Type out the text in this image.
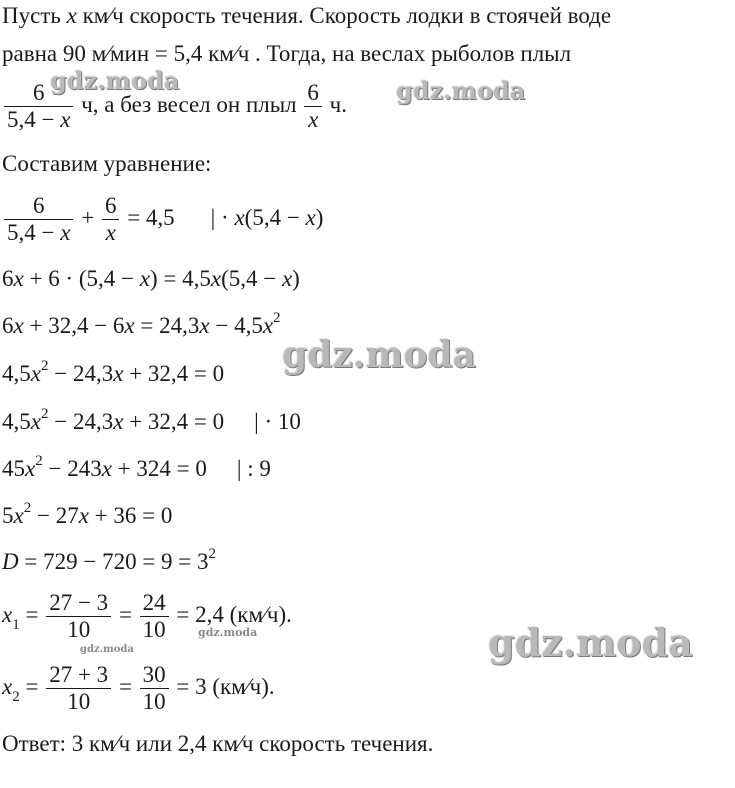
Пусть x км⁄ч скорость течения. Скорость лодки в стоячей воде
равна 90 м⁄мин = 5,4 км⁄ч . Тогда, на веслах рыболов плыл
$\frac{6}{5,4 - x} ч$, а без весел он плыл $\frac{6}{x} ч$.
Составим уравнение:
$\frac{6}{5,4 - x} + \frac{6}{x} = 4,5$ | · x(5,4 − x)
6x + 6 · (5,4 − x) = 4,5x(5,4 − x)
$6x + 32,4 - 6x = 24,3x - 4,5x^2$
$4,5x^2 - 24,3x + 32,4 = 0$
$4,5x^2 - 24,3x + 32,4 = 0$ | · 10
$45x^2 - 243x + 324 = 0$ | : 9
$5x^2 - 27x + 36 = 0$
$D = 729 - 720 = 9 = 3^2$
$x_1 = \frac{27 - 3}{10} = \frac{24}{10} = 2,4$ (км⁄ч).
$x_2 = \frac{27 + 3}{10} = \frac{30}{10} = 3$ (км⁄ч).
Ответ: 3 км⁄ч или 2,4 км⁄ч скорость течения.
gdz.moda	gdz.moda
gdz.moda
gdz.moda
gdz.moda
gdz.moda
